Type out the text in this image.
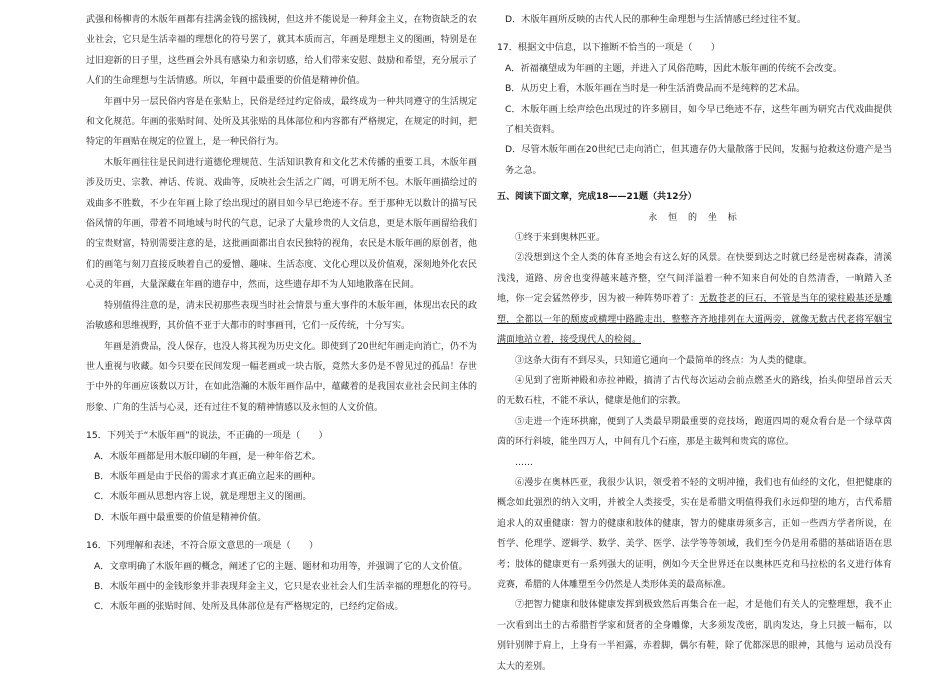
武强和杨柳青的木版年画都有挂满金钱的摇钱树，但这并不能说是一种拜金主义，在物资缺乏的农业社会，它只是生活幸福的理想化的符号罢了，就其本质而言，年画是理想主义的图画，特别是在过旧迎新的日子里，这些画会外具有感染力和亲切感，给人们带来安慰、鼓励和希望，充分展示了人们的生命理想与生活情感。所以，年画中最重要的价值是精神价值。

年画中另一层民俗内容是在张贴上，民俗是经过约定俗成，最终成为一种共同遵守的生活规定和文化规范。年画的张贴时间、处所及其张贴的具体部位和内容都有严格规定，在规定的时间，把特定的年画贴在规定的位置上，是一种民俗行为。

木版年画往往是民间进行道德伦理规范、生活知识教育和文化艺术传播的重要工具，木版年画涉及历史、宗教、神话、传说、戏曲等，反映社会生活之广阔，可谓无所不包。木版年画描绘过的戏曲多不胜数，不少在年画上除了绘出现过的剧目如今早已绝迹不存。至于那种无以数计的描写民俗风情的年画，带着不同地域与时代的气息，记录了大量珍贵的人文信息，更是木版年画留给我们的宝贵财富，特别需要注意的是，这批画面都出自农民独特的视角，农民是木版年画的原创者，他们的画笔与刻刀直接反映着自己的爱憎、趣味、生活态度、文化心理以及价值观，深刻地外化农民心灵的年画，大量深藏在年画的遗存中，然而，这些遗存却不为人知地散落在民间。

特别值得注意的是，清末民初那些表现当时社会情景与重大事件的木版年画，体现出农民的政治敏感和思维视野，其价值不亚于大都市的时事画刊，它们一反传统，十分写实。

年画是消费品，没人保存，也没人将其视为历史文化。即使到了20世纪年画走向消亡，仍不为世人重视与收藏。如今只要在民间发现一幅老画或一块古版，竟然大多仍是不曾见过的孤品！存世于中外的年画应该数以万计，在如此浩瀚的木版年画作品中，蕴藏着的是我国农业社会民间主体的形象、广角的生活与心灵，还有过往不复的精神情感以及永恒的人文价值。

15．下列关于“木版年画”的说法，不正确的一项是（　　）

A．木版年画都是用木版印刷的年画，是一种年俗艺术。

B．木版年画是由于民俗的需求才真正确立起来的画种。

C．木版年画从思想内容上说，就是理想主义的图画。

D．木版年画中最重要的价值是精神价值。

16．下列理解和表述，不符合原文意思的一项是（　　）

A．文章明确了木版年画的概念，阐述了它的主题、题材和功用等，并强调了它的人文价值。

B．木版年画中的金钱形象并非表现拜金主义，它只是农业社会人们生活幸福的理想化的符号。

C．木版年画的张贴时间、处所及具体部位是有严格规定的，已经约定俗成。

D．木版年画所反映的古代人民的那种生命理想与生活情感已经过往不复。

17．根据文中信息，以下推断不恰当的一项是（　　）

A．祈福禳望成为年画的主题，并进入了风俗范畴，因此木版年画的传统不会改变。

B．从历史上看，木版年画在当时是一种生活消费品而不是纯粹的艺术品。

C．木版年画上绘声绘色出现过的许多剧目，如今早已绝迹不存，这些年画为研究古代戏曲提供了相关资料。

D．尽管木版年画在20世纪已走向消亡，但其遗存仍大量散落于民间，发掘与抢救这份遗产是当务之急。

五、阅读下面文章，完成18——21题（共12分）

永 恒 的 坐 标

①终于来到奥林匹亚。

②没想到这个全人类的体育圣地会有这么好的风景。在快要到达之时就已经是密树森森，清溪浅浅，道路、房舍也变得越来越齐整，空气间洋溢着一种不知来自何处的自然清香，一晌踏入圣地，你一定会猛然停步，因为被一种阵势吓着了：无数苍老的巨石，不管是当年的梁柱殿基还是雕塑，全都以一年的颓废或横埋中路跪走出，整整齐齐地排列在大道两旁，就像无数古代老将军姻宝满面地站立着，接受现代人的检阅。

③这条大街有不到尽头，只知道它通向一个最简单的终点：为人类的健康。

④见到了密斯神殿和赤拉神殿，搞清了古代每次运动会前点燃圣火的路线，抬头仰望昂首云天的无数石柱，不能不承认，健康是他们的宗教。

⑤走进一个连环拱廊，便到了人类最早期最重要的竞技场，跑道四周的观众看台是一个绿草茵茵的环行斜坡，能坐四万人，中间有几个石座，那是主裁判和贵宾的席位。

……

⑥漫步在奥林匹亚，我很少认识，领受着不轻的文明冲撞，我们也有仙经的文化，但把健康的概念如此强烈的纳入文明，并被全人类接受，实在是希腊文明值得我们永远仰望的地方，古代希腊追求人的双重健康：智力的健康和肢体的健康，智力的健康毋须多言，正如一些西方学者所说，在哲学、伦理学、逻辑学、数学、美学、医学、法学等等领域，我们至今仍是用希腊的基础语语在思考；肢体的健康更有一系列强大的证明，例如今天全世界还在以奥林匹克和马拉松的名义进行体育竞赛，希腊的人体雕塑至今仍然是人类形体美的最高标准。

⑦把智力健康和肢体健康发挥到极致然后再集合在一起，才是他们有关人的完整理想，我不止一次看到出土的古希腊哲学家和贤者的全身雕像，大多须发茂密，肌肉发达，身上只披一幅布，以别针别牌于肩上，上身有一半袒露，赤着脚，偶尔有鞋，除了优都深思的眼神，其他与 运动员没有太大的差别。
